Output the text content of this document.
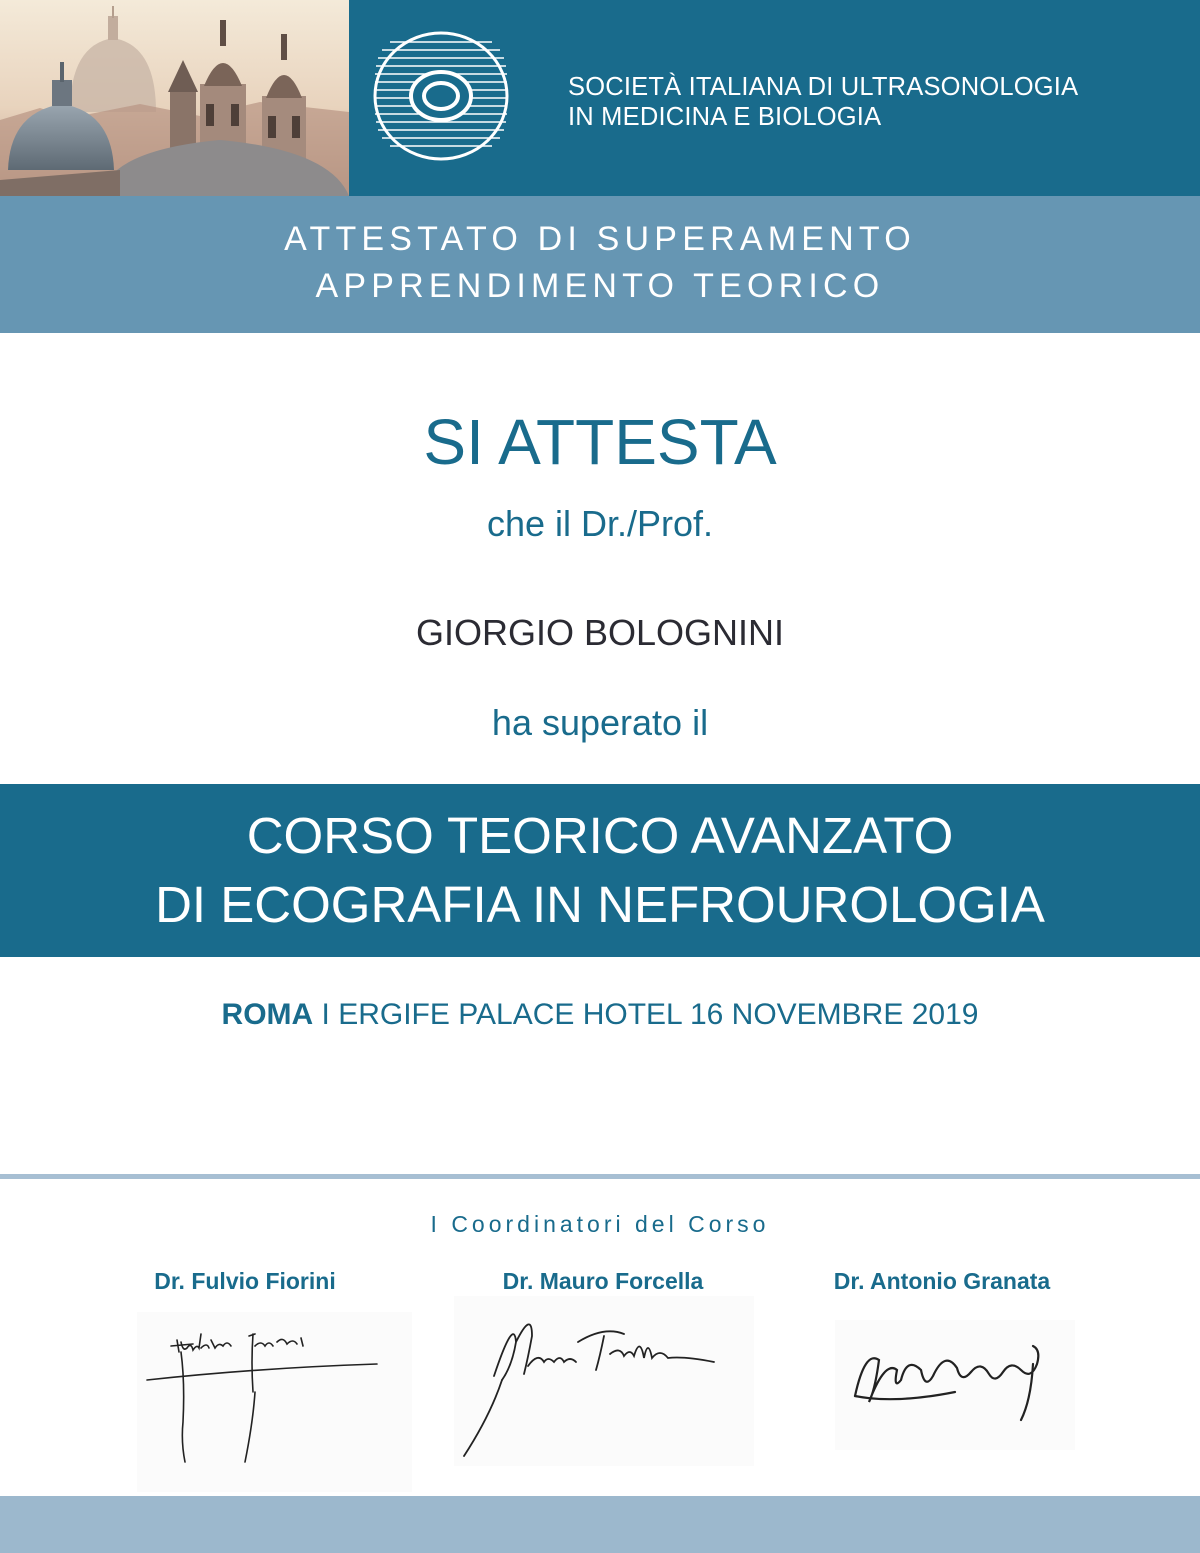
SOCIETÀ ITALIANA DI ULTRASONOLOGIA
IN MEDICINA E BIOLOGIA
ATTESTATO DI SUPERAMENTO
APPRENDIMENTO TEORICO
SI ATTESTA
che il Dr./Prof.
GIORGIO BOLOGNINI
ha superato il
CORSO TEORICO AVANZATO
DI ECOGRAFIA IN NEFROUROLOGIA
ROMA I ERGIFE PALACE HOTEL 16 NOVEMBRE 2019
I Coordinatori del Corso
Dr. Fulvio Fiorini	Dr. Mauro Forcella	Dr. Antonio Granata
